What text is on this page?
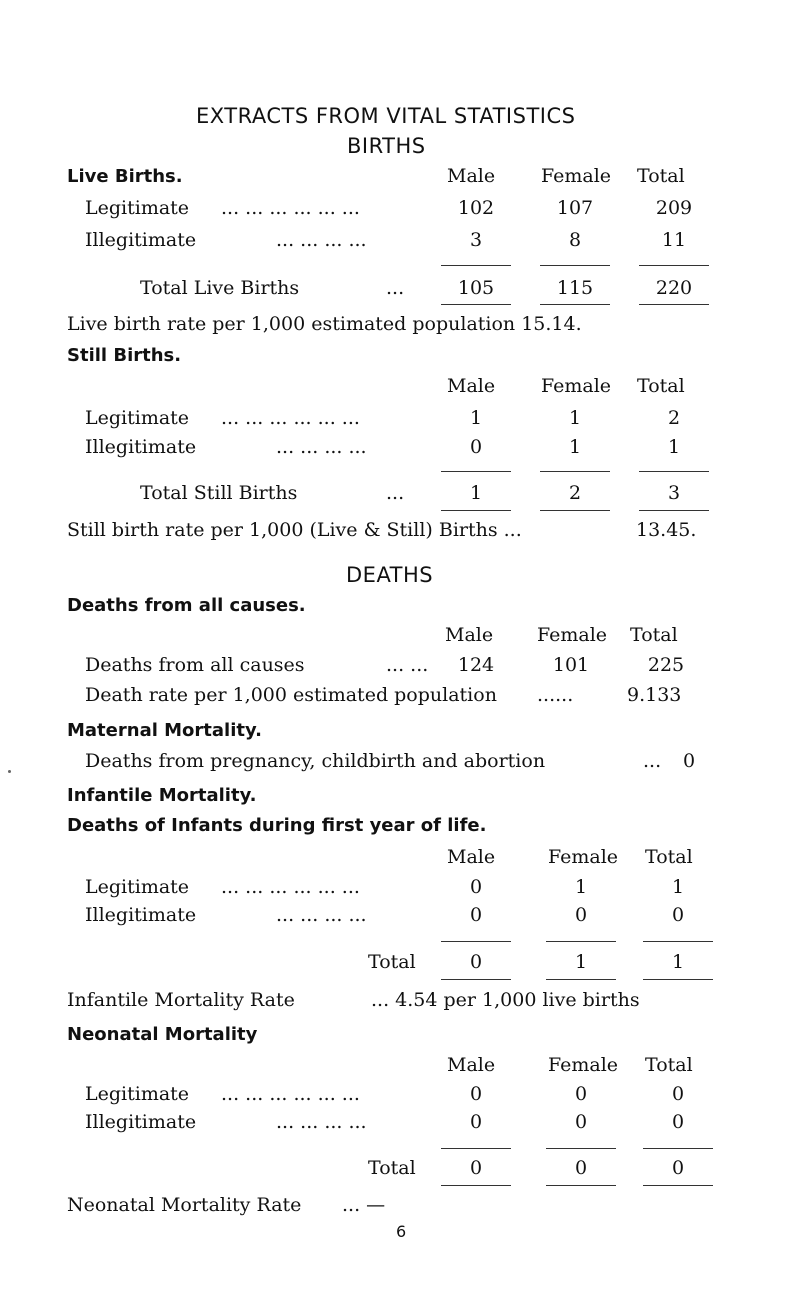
EXTRACTS FROM VITAL STATISTICS
BIRTHS
Live Births.	Male Female Total
Legitimate ... ... ... ... ... ...	102	107	209
Illegitimate	... ... ... ...	3	8	11
Total Live Births	...	105	115	220
Live birth rate per 1,000 estimated population 15.14.
Still Births.
Male Female Total
Legitimate ... ... ... ... ... ...	1	1	2
Illegitimate	... ... ... ...	0	1	1
Total Still Births	...	1	2	3
Still birth rate per 1,000 (Live & Still) Births ...	13.45.
DEATHS
Deaths from all causes.
Male Female Total
Deaths from all causes	... ...	124	101	225
Death rate per 1,000 estimated population ......	9.133
Maternal Mortality.
Deaths from pregnancy, childbirth and abortion	... 0
Infantile Mortality.
Deaths of Infants during first year of life.
Male	Female Total
Legitimate ... ... ... ... ... ...	0	1	1
Illegitimate	... ... ... ...	0	0	0
Total	0	1	1
Infantile Mortality Rate	... 4.54 per 1,000 live births
Neonatal Mortality
Male	Female Total
Legitimate ... ... ... ... ... ...	0	0	0
Illegitimate	... ... ... ...	0	0	0
Total	0	0	0
Neonatal Mortality Rate ... —
6
